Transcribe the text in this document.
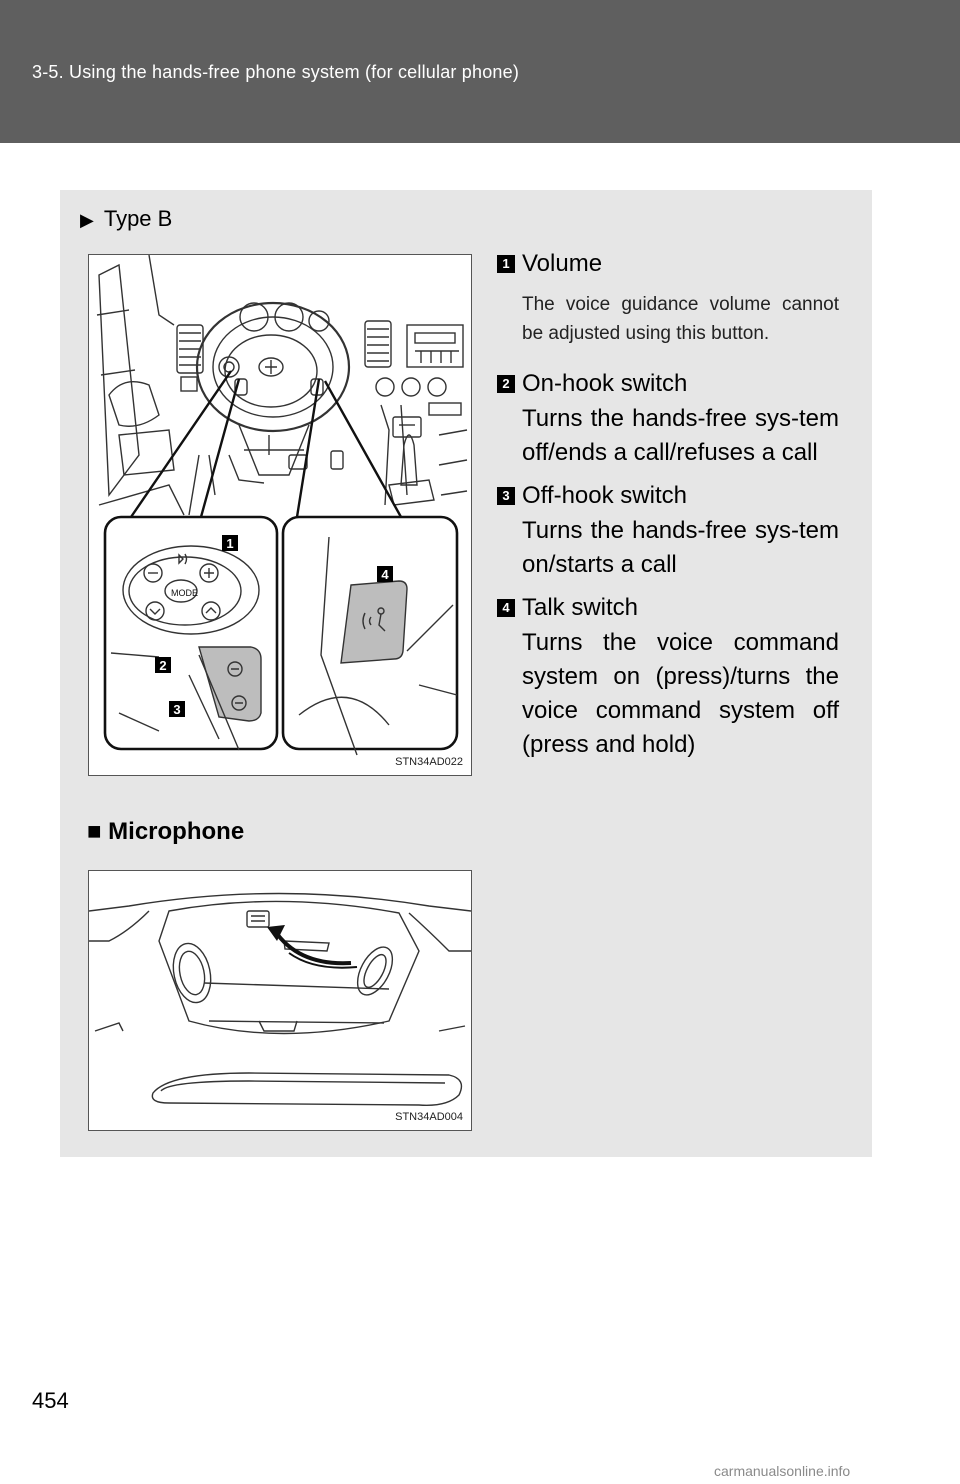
3-5. Using the hands-free phone system (for cellular phone)
▶ Type B
MODE
1
2
3
4
STN34AD022
1 Volume
The voice guidance volume cannot be adjusted using this button.
2 On-hook switch
Turns the hands-free sys-tem off/ends a call/refuses a call
3 Off-hook switch
Turns the hands-free sys-tem on/starts a call
4 Talk switch
Turns the voice command system on (press)/turns the voice command system off (press and hold)
■ Microphone
STN34AD004
454
carmanualsonline.info
